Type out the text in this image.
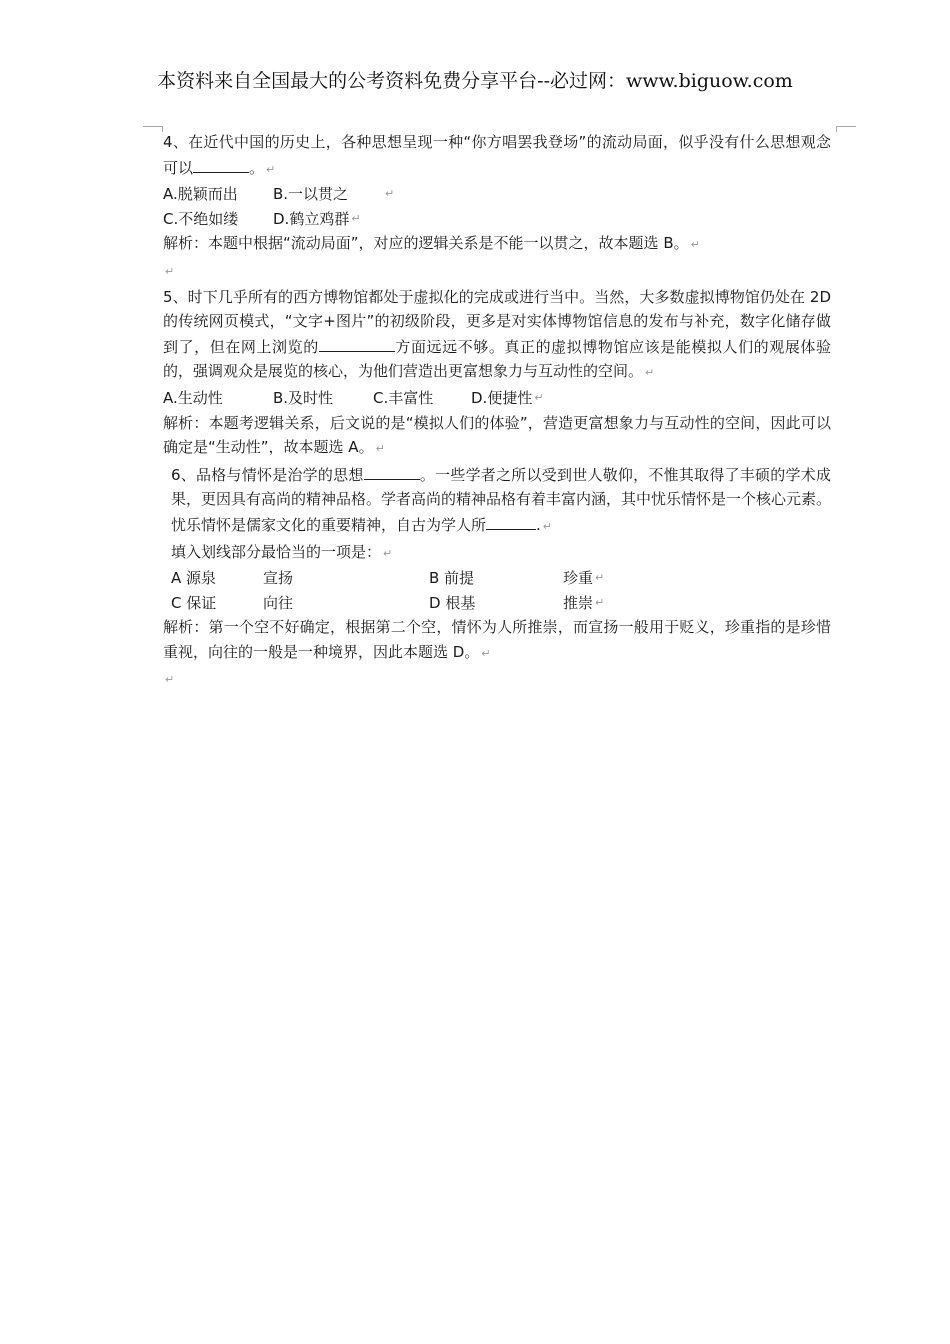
本资料来自全国最大的公考资料免费分享平台--必过网：www.biguow.com

4、在近代中国的历史上，各种思想呈现一种“你方唱罢我登场”的流动局面，似乎没有什么思想观念可以	。 ↵

A.脱颖而出	B.一以贯之	↵

C.不绝如缕	D.鹤立鸡群 ↵

解析：本题中根据“流动局面”，对应的逻辑关系是不能一以贯之，故本题选 B。 ↵

↵

5、时下几乎所有的西方博物馆都处于虚拟化的完成或进行当中。当然，大多数虚拟博物馆仍处在 2D 的传统网页模式，“文字+图片”的初级阶段，更多是对实体博物馆信息的发布与补充，数字化储存做到了，但在网上浏览的	方面远远不够。真正的虚拟博物馆应该是能模拟人们的观展体验的，强调观众是展览的核心，为他们营造出更富想象力与互动性的空间。 ↵

A.生动性	B.及时性	C.丰富性	D.便捷性 ↵

解析：本题考逻辑关系，后文说的是“模拟人们的体验”，营造更富想象力与互动性的空间，因此可以确定是“生动性”，故本题选 A。 ↵

6、品格与情怀是治学的思想	。一些学者之所以受到世人敬仰，不惟其取得了丰硕的学术成果，更因具有高尚的精神品格。学者高尚的精神品格有着丰富内涵，其中忧乐情怀是一个核心元素。忧乐情怀是儒家文化的重要精神，自古为学人所	. ↵

填入划线部分最恰当的一项是： ↵

A 源泉	宣扬	B 前提	珍重 ↵

C 保证	向往	D 根基	推崇 ↵

解析：第一个空不好确定，根据第二个空，情怀为人所推崇，而宣扬一般用于贬义，珍重指的是珍惜重视，向往的一般是一种境界，因此本题选 D。 ↵

↵
